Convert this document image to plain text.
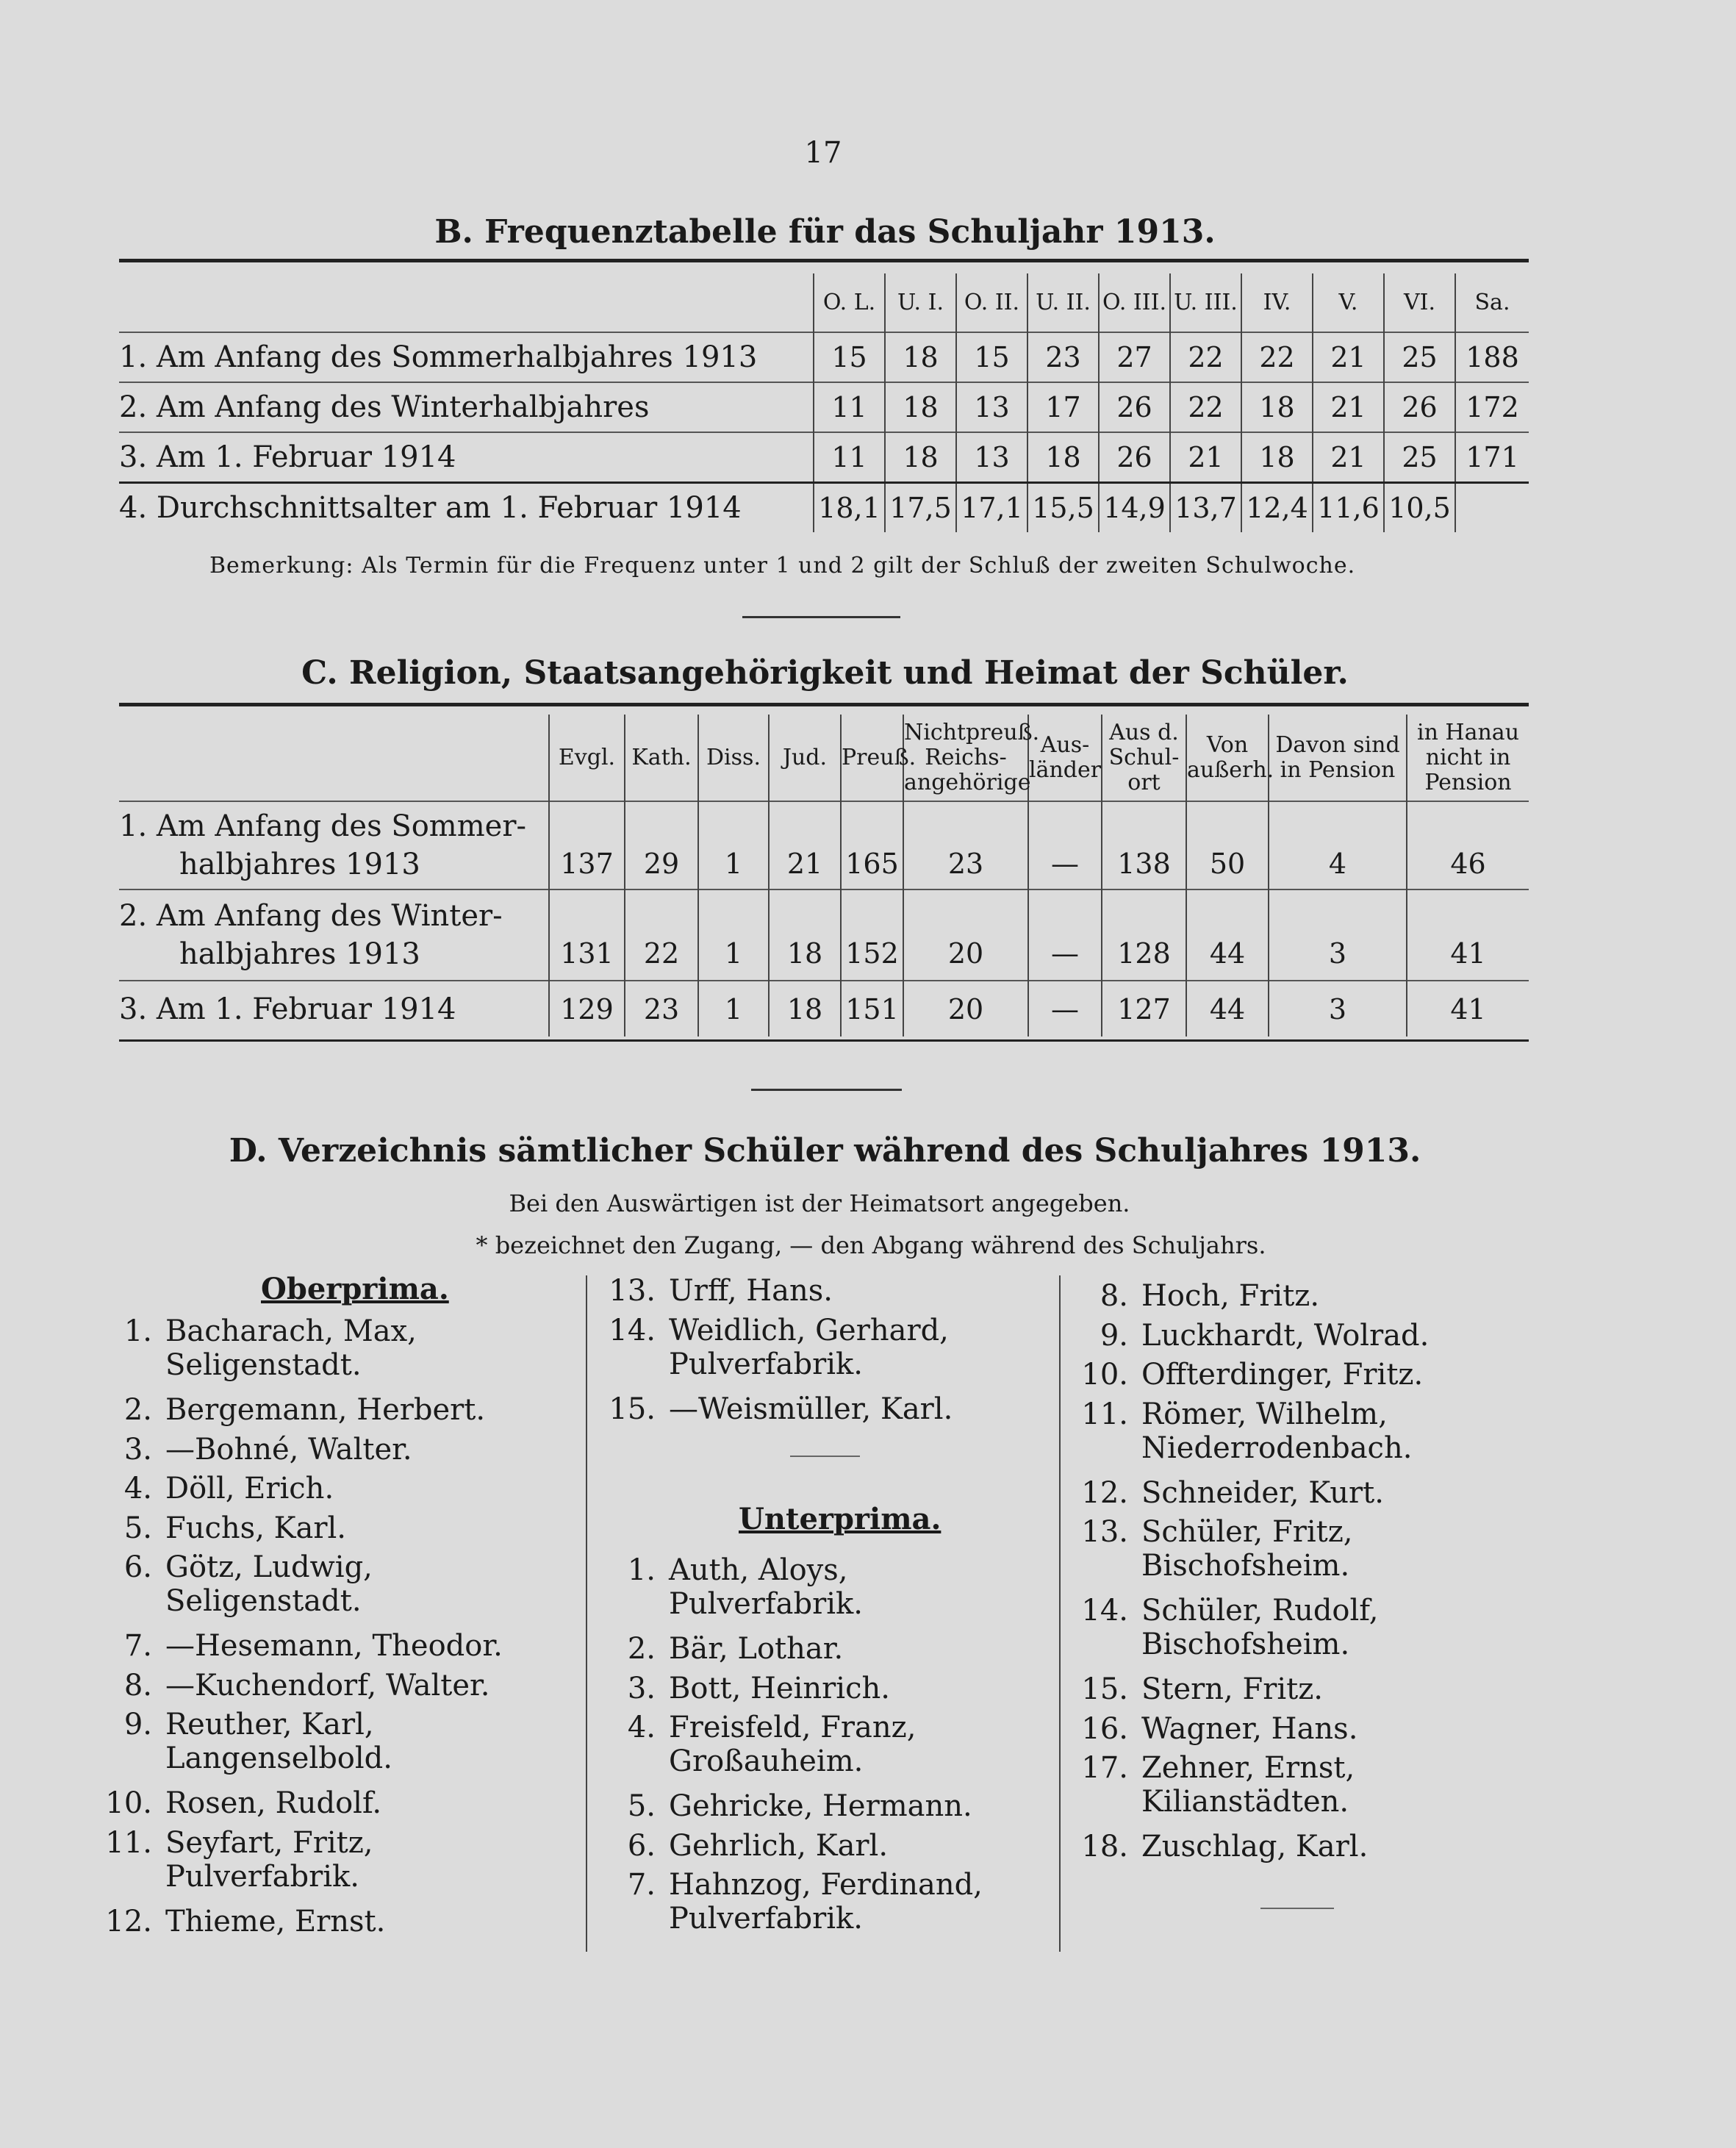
17
B. Frequenztabelle für das Schuljahr 1913.
	O. L.	U. I.	O. II.	U. II.	O. III.	U. III.	IV.	V.	VI.	Sa.
1. Am Anfang des Sommerhalbjahres 1913	15	18	15	23	27	22	22	21	25	188
2. Am Anfang des Winterhalbjahres	11	18	13	17	26	22	18	21	26	172
3. Am 1. Februar 1914	11	18	13	18	26	21	18	21	25	171
4. Durchschnittsalter am 1. Februar 1914	18,1	17,5	17,1	15,5	14,9	13,7	12,4	11,6	10,5	
Bemerkung: Als Termin für die Frequenz unter 1 und 2 gilt der Schluß der zweiten Schulwoche.
C. Religion, Staatsangehörigkeit und Heimat der Schüler.
	Evgl.	Kath.	Diss.	Jud.	Preuß.	Nichtpreuß. Reichs- angehörige	Aus- länder	Aus d. Schul- ort	Von außerh.	Davon sind in Pension	in Hanau nicht in Pension
1. Am Anfang des Sommer-
halbjahres 1913	137	29	1	21	165	23	—	138	50	4	46
2. Am Anfang des Winter-
halbjahres 1913	131	22	1	18	152	20	—	128	44	3	41
3. Am 1. Februar 1914	129	23	1	18	151	20	—	127	44	3	41
D. Verzeichnis sämtlicher Schüler während des Schuljahres 1913.
Bei den Auswärtigen ist der Heimatsort angegeben.
* bezeichnet den Zugang, — den Abgang während des Schuljahrs.
Oberprima.
1. Bacharach, Max,
Seligenstadt.
2. Bergemann, Herbert.
3. —Bohné, Walter.
4. Döll, Erich.
5. Fuchs, Karl.
6. Götz, Ludwig,
Seligenstadt.
7. —Hesemann, Theodor.
8. —Kuchendorf, Walter.
9. Reuther, Karl,
Langenselbold.
10. Rosen, Rudolf.
11. Seyfart, Fritz,
Pulverfabrik.
12. Thieme, Ernst.
13. Urff, Hans.
14. Weidlich, Gerhard,
Pulverfabrik.
15. —Weismüller, Karl.
Unterprima.
1. Auth, Aloys,
Pulverfabrik.
2. Bär, Lothar.
3. Bott, Heinrich.
4. Freisfeld, Franz,
Großauheim.
5. Gehricke, Hermann.
6. Gehrlich, Karl.
7. Hahnzog, Ferdinand,
Pulverfabrik.
8. Hoch, Fritz.
9. Luckhardt, Wolrad.
10. Offterdinger, Fritz.
11. Römer, Wilhelm,
Niederrodenbach.
12. Schneider, Kurt.
13. Schüler, Fritz,
Bischofsheim.
14. Schüler, Rudolf,
Bischofsheim.
15. Stern, Fritz.
16. Wagner, Hans.
17. Zehner, Ernst,
Kilianstädten.
18. Zuschlag, Karl.
